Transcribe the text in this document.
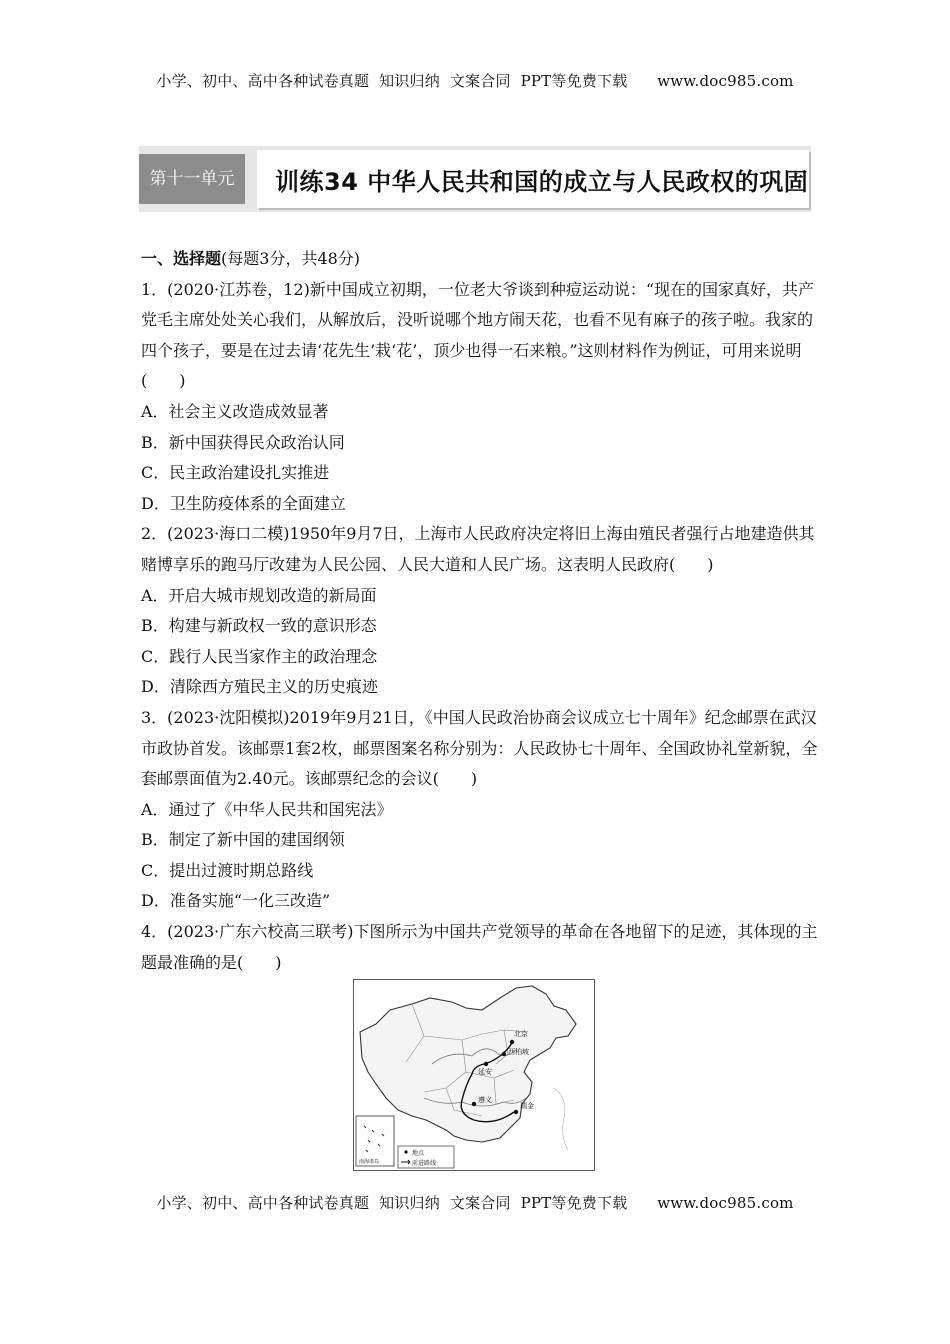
小学、初中、高中各种试卷真题  知识归纳  文案合同  PPT等免费下载      www.doc985.com
第十一单元	训练34 中华人民共和国的成立与人民政权的巩固

一、选择题(每题3分，共48分)

1．(2020·江苏卷，12)新中国成立初期，一位老大爷谈到种痘运动说：“现在的国家真好，共产党毛主席处处关心我们，从解放后，没听说哪个地方闹天花，也看不见有麻子的孩子啦。我家的四个孩子，要是在过去请‘花先生’栽‘花’，顶少也得一石来粮。”这则材料作为例证，可用来说明(　　)

A．社会主义改造成效显著

B．新中国获得民众政治认同

C．民主政治建设扎实推进

D．卫生防疫体系的全面建立

2．(2023·海口二模)1950年9月7日，上海市人民政府决定将旧上海由殖民者强行占地建造供其赌博享乐的跑马厅改建为人民公园、人民大道和人民广场。这表明人民政府(　　)

A．开启大城市规划改造的新局面

B．构建与新政权一致的意识形态

C．践行人民当家作主的政治理念

D．清除西方殖民主义的历史痕迹

3．(2023·沈阳模拟)2019年9月21日，《中国人民政治协商会议成立七十周年》纪念邮票在武汉市政协首发。该邮票1套2枚，邮票图案名称分别为：人民政协七十周年、全国政协礼堂新貌，全套邮票面值为2.40元。该邮票纪念的会议(　　)

A．通过了《中华人民共和国宪法》

B．制定了新中国的建国纲领

C．提出过渡时期总路线

D．准备实施“一化三改造”

4．(2023·广东六校高三联考)下图所示为中国共产党领导的革命在各地留下的足迹，其体现的主题最准确的是(　　)

北京
西柏坡
延安
遵义
瑞金
南海诸岛
地点
前进路线
小学、初中、高中各种试卷真题  知识归纳  文案合同  PPT等免费下载      www.doc985.com
